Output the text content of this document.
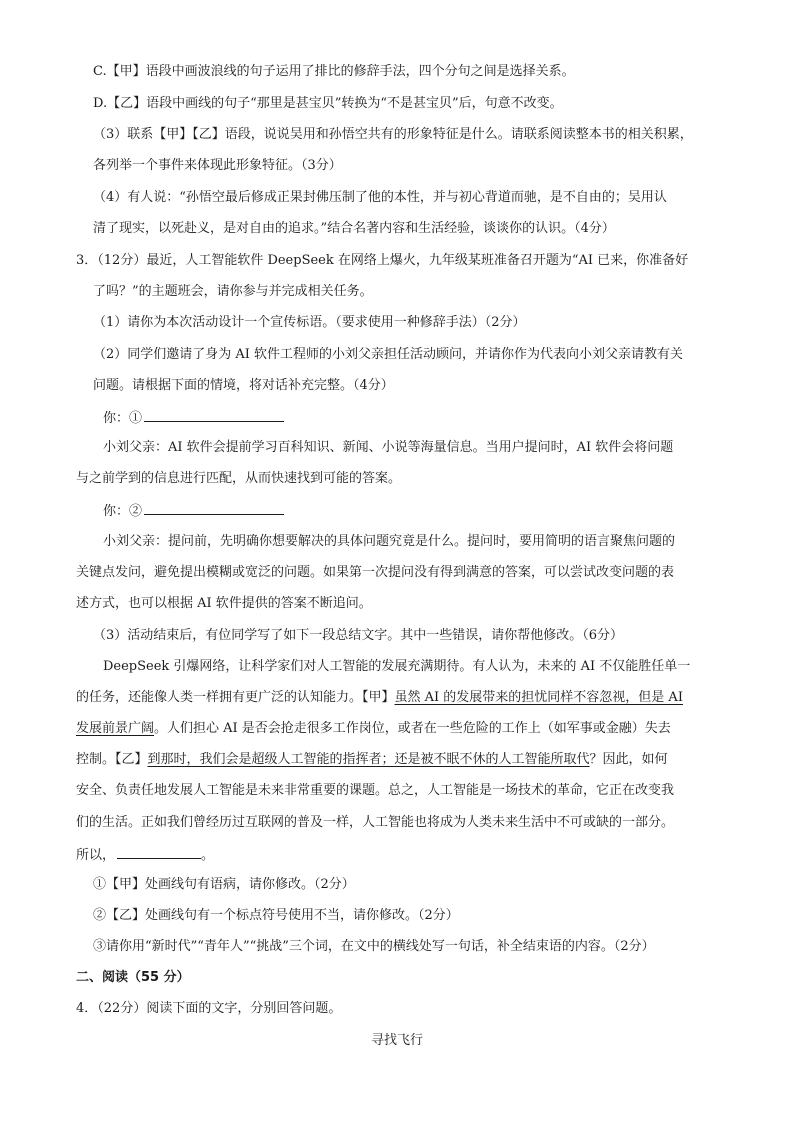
C.【甲】语段中画波浪线的句子运用了排比的修辞手法，四个分句之间是选择关系。
D.【乙】语段中画线的句子“那里是甚宝贝”转换为“不是甚宝贝”后，句意不改变。
（3）联系【甲】【乙】语段，说说吴用和孙悟空共有的形象特征是什么。请联系阅读整本书的相关积累，
各列举一个事件来体现此形象特征。（3分）
（4）有人说：“孙悟空最后修成正果封佛压制了他的本性，并与初心背道而驰，是不自由的；吴用认
清了现实，以死赴义，是对自由的追求。”结合名著内容和生活经验，谈谈你的认识。（4分）
3．（12分）最近，人工智能软件 DeepSeek 在网络上爆火，九年级某班准备召开题为“AI 已来，你准备好
了吗？”的主题班会，请你参与并完成相关任务。
（1）请你为本次活动设计一个宣传标语。（要求使用一种修辞手法）（2分）
（2）同学们邀请了身为 AI 软件工程师的小刘父亲担任活动顾问，并请你作为代表向小刘父亲请教有关
问题。请根据下面的情境，将对话补充完整。（4分）
你：①
小刘父亲：AI 软件会提前学习百科知识、新闻、小说等海量信息。当用户提问时，AI 软件会将问题
与之前学到的信息进行匹配，从而快速找到可能的答案。
你：②
小刘父亲：提问前，先明确你想要解决的具体问题究竟是什么。提问时，要用简明的语言聚焦问题的
关键点发问，避免提出模糊或宽泛的问题。如果第一次提问没有得到满意的答案，可以尝试改变问题的表
述方式，也可以根据 AI 软件提供的答案不断追问。
（3）活动结束后，有位同学写了如下一段总结文字。其中一些错误，请你帮他修改。（6分）
DeepSeek 引爆网络，让科学家们对人工智能的发展充满期待。有人认为，未来的 AI 不仅能胜任单一
的任务，还能像人类一样拥有更广泛的认知能力。【甲】虽然 AI 的发展带来的担忧同样不容忽视，但是 AI
发展前景广阔。人们担心 AI 是否会抢走很多工作岗位，或者在一些危险的工作上（如军事或金融）失去
控制。【乙】到那时，我们会是超级人工智能的指挥者；还是被不眠不休的人工智能所取代？因此，如何
安全、负责任地发展人工智能是未来非常重要的课题。总之，人工智能是一场技术的革命，它正在改变我
们的生活。正如我们曾经历过互联网的普及一样，人工智能也将成为人类未来生活中不可或缺的一部分。
所以，	。
①【甲】处画线句有语病，请你修改。（2分）
②【乙】处画线句有一个标点符号使用不当，请你修改。（2分）
③请你用“新时代”“青年人”“挑战”三个词，在文中的横线处写一句话，补全结束语的内容。（2分）
二、阅读（55 分）
4．（22分）阅读下面的文字，分别回答问题。
寻找飞行
